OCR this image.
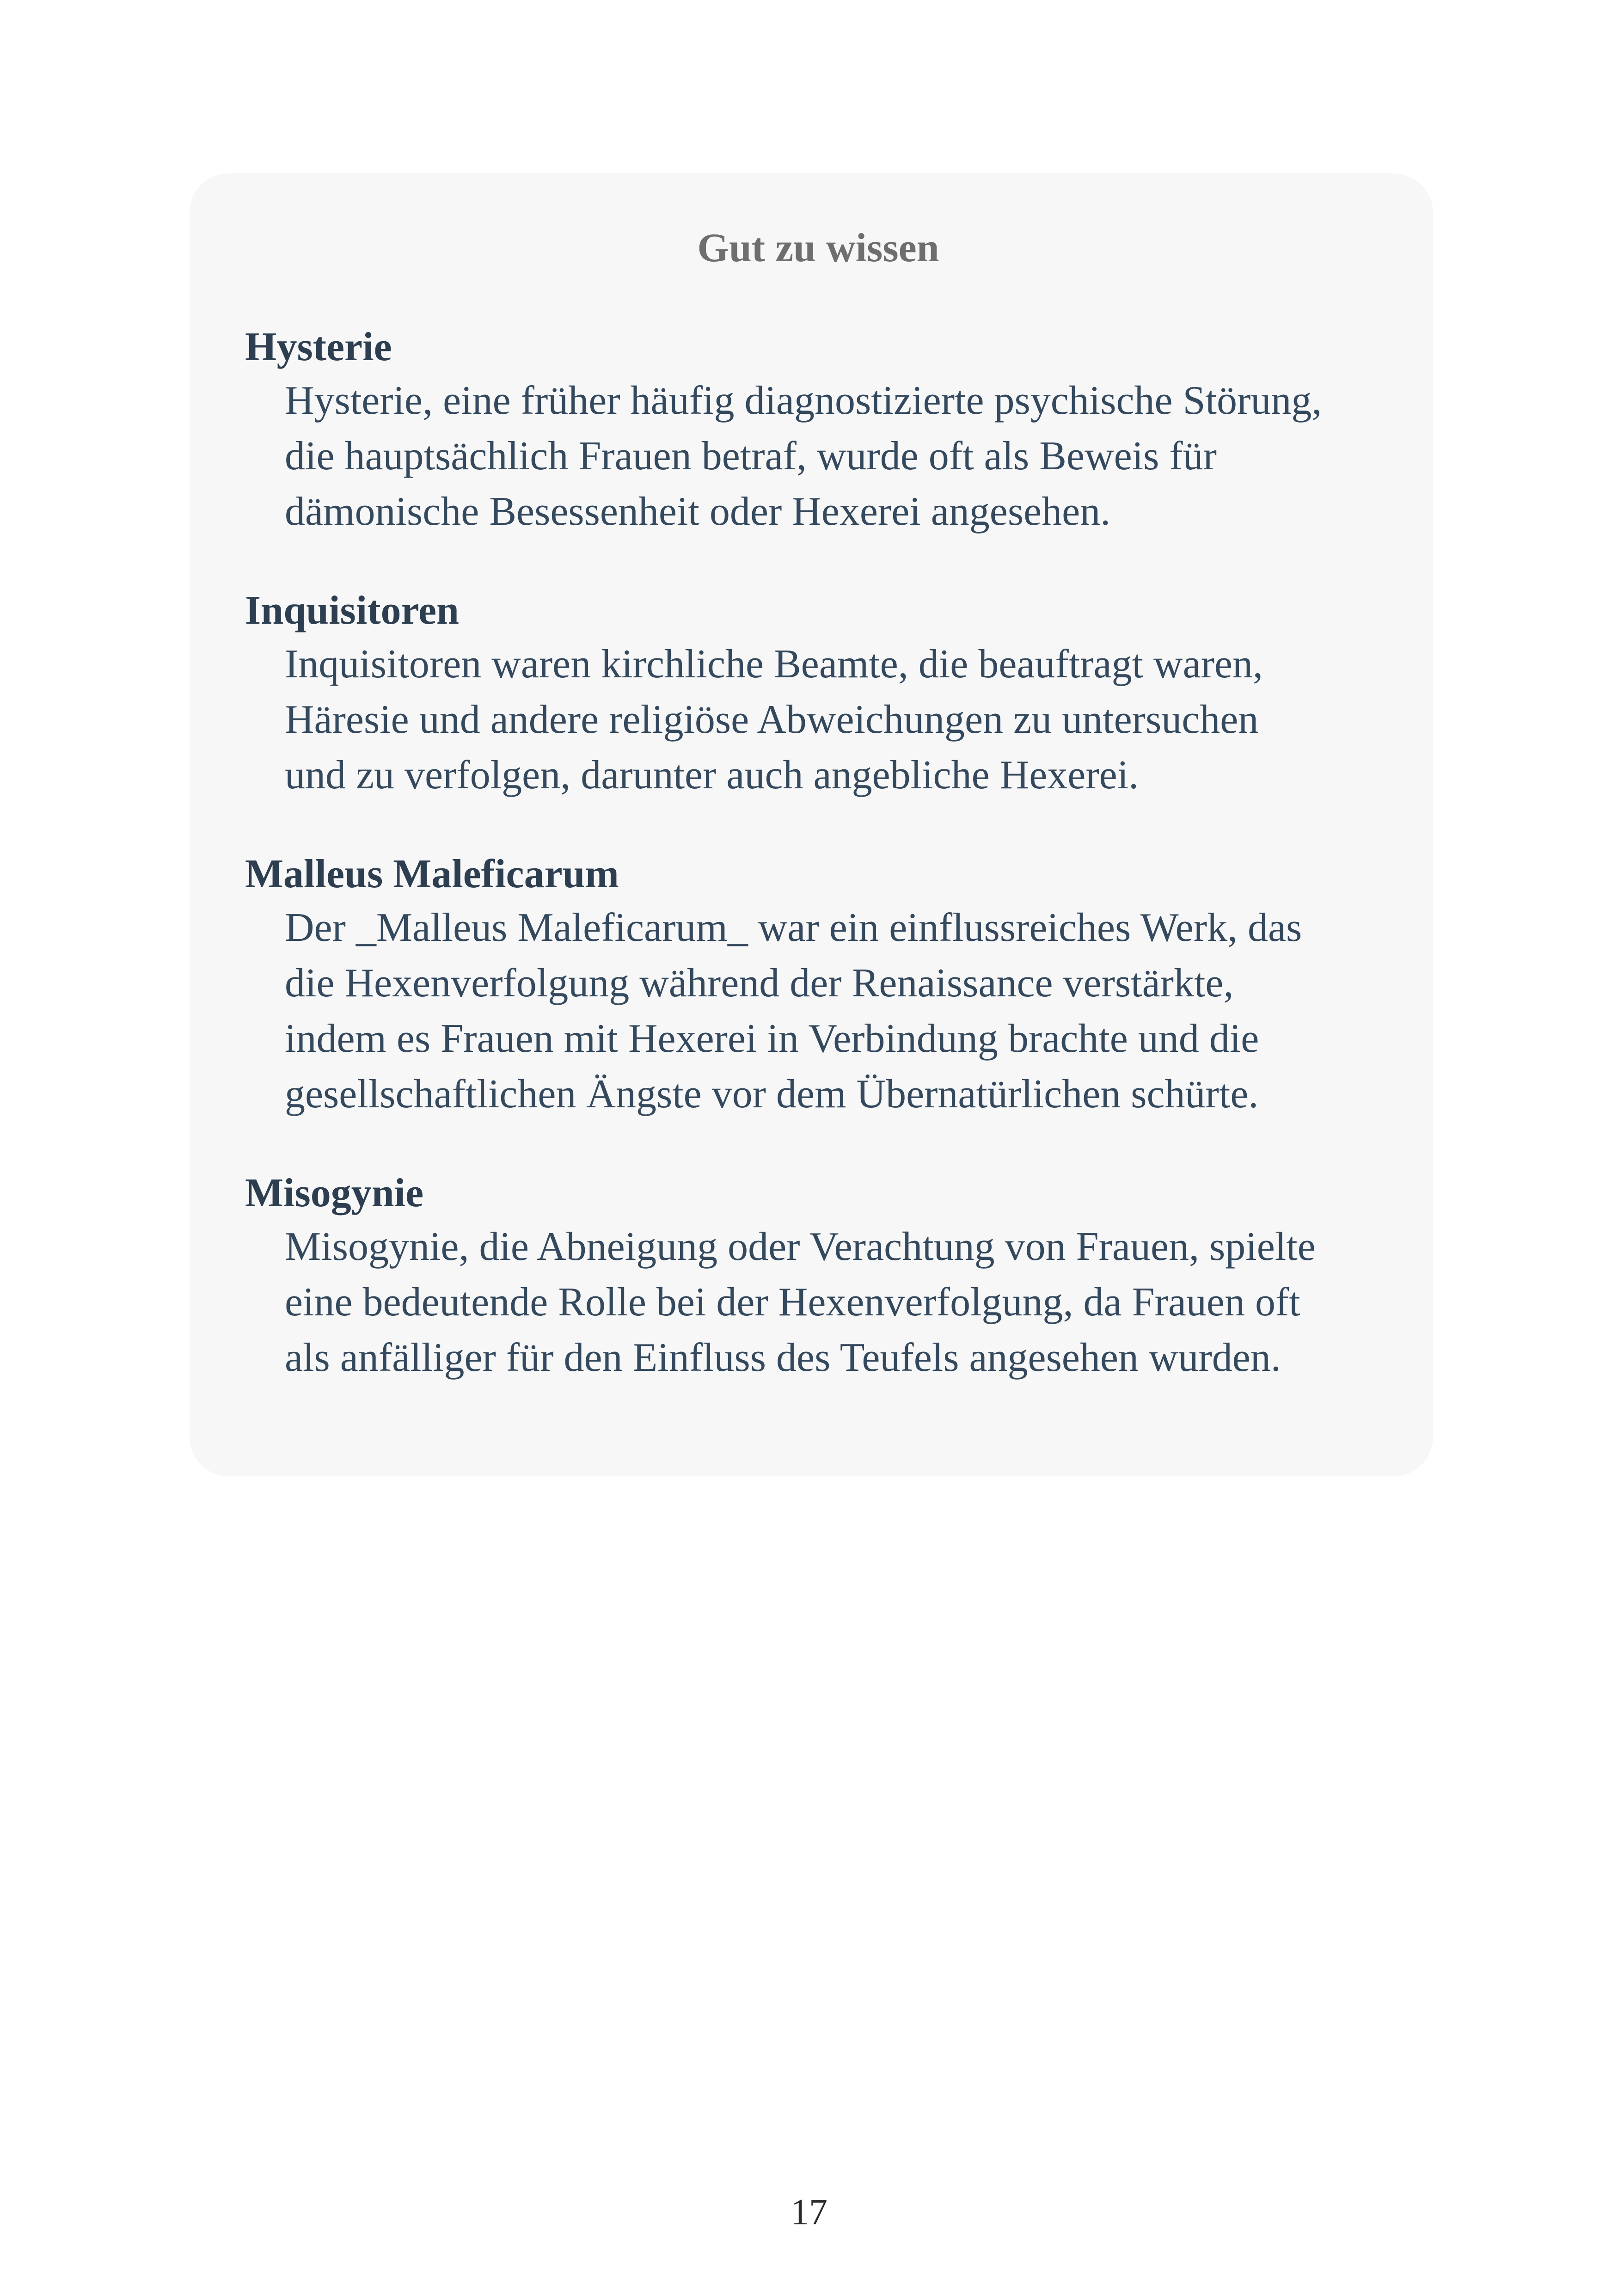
Gut zu wissen

Hysterie

Hysterie, eine früher häufig diagnostizierte psychische Störung,
die hauptsächlich Frauen betraf, wurde oft als Beweis für
dämonische Besessenheit oder Hexerei angesehen.

Inquisitoren

Inquisitoren waren kirchliche Beamte, die beauftragt waren,
Häresie und andere religiöse Abweichungen zu untersuchen
und zu verfolgen, darunter auch angebliche Hexerei.

Malleus Maleficarum

Der _Malleus Maleficarum_ war ein einflussreiches Werk, das
die Hexenverfolgung während der Renaissance verstärkte,
indem es Frauen mit Hexerei in Verbindung brachte und die
gesellschaftlichen Ängste vor dem Übernatürlichen schürte.

Misogynie

Misogynie, die Abneigung oder Verachtung von Frauen, spielte
eine bedeutende Rolle bei der Hexenverfolgung, da Frauen oft
als anfälliger für den Einfluss des Teufels angesehen wurden.

17
